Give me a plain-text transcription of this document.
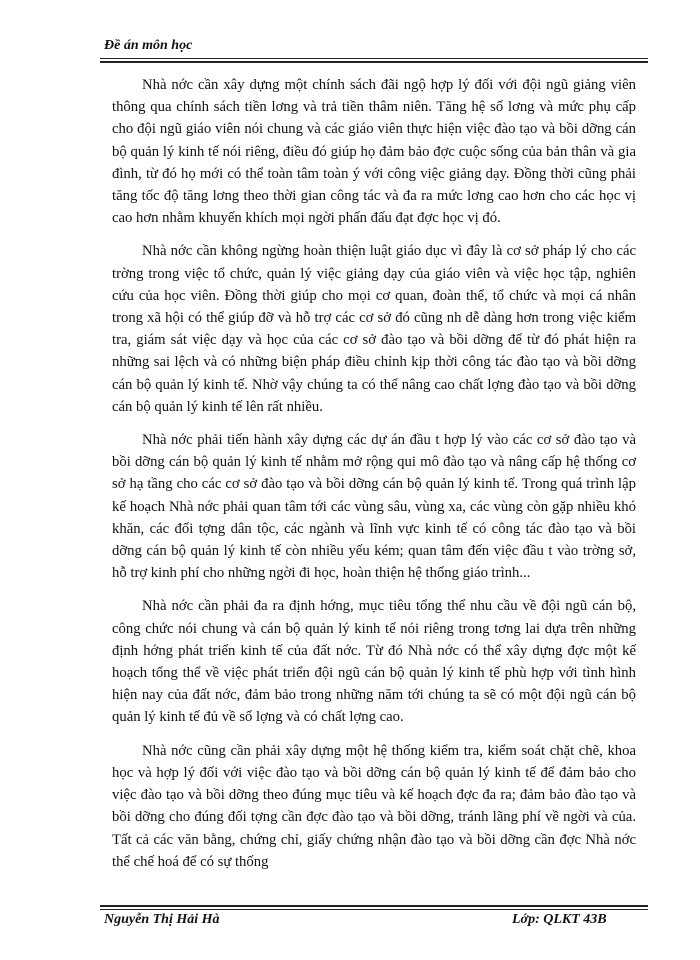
Đề án môn học

Nhà nớc cần xây dựng một chính sách đãi ngộ hợp lý đối với đội ngũ giảng viên thông qua chính sách tiền lơng và trả tiền thâm niên. Tăng hệ số lơng và mức phụ cấp cho đội ngũ giáo viên nói chung và các giáo viên thực hiện việc đào tạo và bồi dỡng cán bộ quản lý kinh tế nói riêng, điều đó giúp họ đảm bảo đợc cuộc sống của bản thân và gia đình, từ đó họ mới có thể toàn tâm toàn ý với công việc giảng dạy. Đồng thời cũng phải tăng tốc độ tăng lơng theo thời gian công tác và đa ra mức lơng cao hơn cho các học vị cao hơn nhằm khuyến khích mọi ngời phấn đấu đạt đợc học vị đó.

Nhà nớc cần không ngừng hoàn thiện luật giáo dục vì đây là cơ sở pháp lý cho các trờng trong việc tổ chức, quản lý việc giảng dạy của giáo viên và việc học tập, nghiên cứu của học viên. Đồng thời giúp cho mọi cơ quan, đoàn thể, tổ chức và mọi cá nhân trong xã hội có thể giúp đỡ và hỗ trợ các cơ sở đó cũng nh dễ dàng hơn trong việc kiểm tra, giám sát việc dạy và học của các cơ sở đào tạo và bồi dỡng để từ đó phát hiện ra những sai lệch và có những biện pháp điều chỉnh kịp thời công tác đào tạo và bồi dỡng cán bộ quản lý kinh tế. Nhờ vậy chúng ta có thể nâng cao chất lợng đào tạo và bồi dỡng cán bộ quản lý kinh tế lên rất nhiều.

Nhà nớc phải tiến hành xây dựng các dự án đầu t hợp lý vào các cơ sở đào tạo và bồi dỡng cán bộ quản lý kinh tế nhằm mở rộng qui mô đào tạo và nâng cấp hệ thống cơ sở hạ tầng cho các cơ sở đào tạo và bồi dỡng cán bộ quản lý kinh tế. Trong quá trình lập kế hoạch Nhà nớc phải quan tâm tới các vùng sâu, vùng xa, các vùng còn gặp nhiều khó khăn, các đối tợng dân tộc, các ngành và lĩnh vực kinh tế có công tác đào tạo và bồi dỡng cán bộ quản lý kinh tế còn nhiều yếu kém; quan tâm đến việc đầu t vào trờng sở, hỗ trợ kinh phí cho những ngời đi học, hoàn thiện hệ thống giáo trình...

Nhà nớc cần phải đa ra định hớng, mục tiêu tổng thể nhu cầu về đội ngũ cán bộ, công chức nói chung và cán bộ quản lý kinh tế nói riêng trong tơng lai dựa trên những định hớng phát triển kinh tế của đất nớc. Từ đó Nhà nớc có thể xây dựng đợc một kế hoạch tổng thể về việc phát triển đội ngũ cán bộ quản lý kinh tế phù hợp với tình hình hiện nay của đất nớc, đảm bảo trong những năm tới chúng ta sẽ có một đội ngũ cán bộ quản lý kinh tế đủ về số lợng và có chất lợng cao.

Nhà nớc cũng cần phải xây dựng một hệ thống kiểm tra, kiểm soát chặt chẽ, khoa học và hợp lý đối với việc đào tạo và bồi dỡng cán bộ quản lý kinh tế để đảm bảo cho việc đào tạo và bồi dỡng theo đúng mục tiêu và kế hoạch đợc đa ra; đảm bảo đào tạo và bồi dỡng cho đúng đối tợng cần đợc đào tạo và bồi dỡng, tránh lãng phí về ngời và của. Tất cả các văn bằng, chứng chỉ, giấy chứng nhận đào tạo và bồi dỡng cần đợc Nhà nớc thể chế hoá để có sự thống

Nguyễn Thị Hải Hà	Lớp: QLKT 43B
